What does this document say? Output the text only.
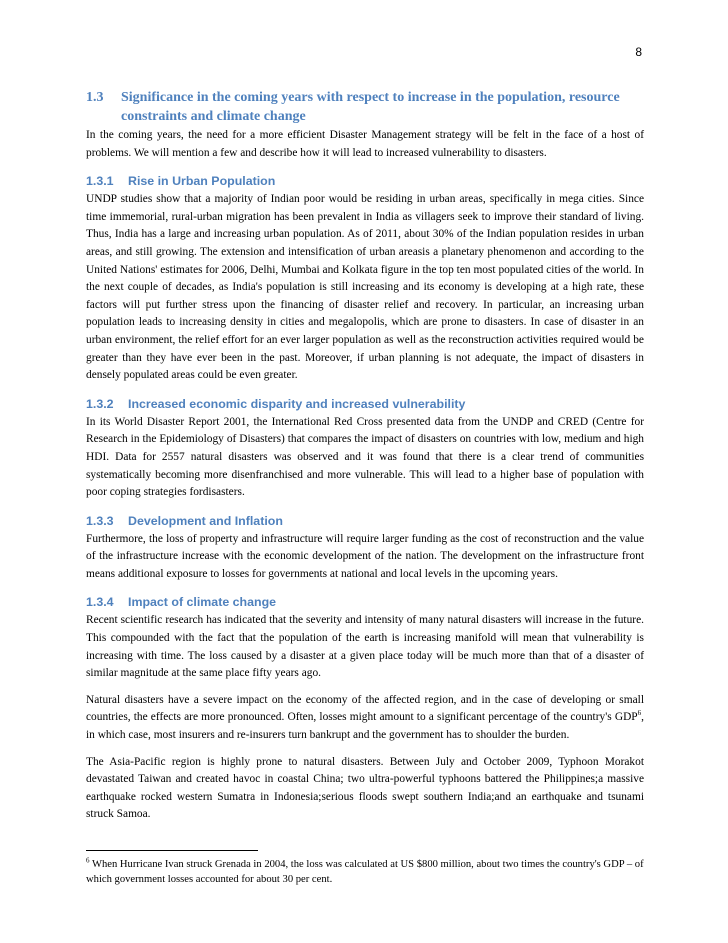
8
1.3	Significance in the coming years with respect to increase in the population, resource constraints and climate change

In the coming years, the need for a more efficient Disaster Management strategy will be felt in the face of a host of problems. We will mention a few and describe how it will lead to increased vulnerability to disasters.

1.3.1 Rise in Urban Population

UNDP studies show that a majority of Indian poor would be residing in urban areas, specifically in mega cities. Since time immemorial, rural-urban migration has been prevalent in India as villagers seek to improve their standard of living. Thus, India has a large and increasing urban population. As of 2011, about 30% of the Indian population resides in urban areas, and still growing. The extension and intensification of urban areasis a planetary phenomenon and according to the United Nations' estimates for 2006, Delhi, Mumbai and Kolkata figure in the top ten most populated cities of the world. In the next couple of decades, as India's population is still increasing and its economy is developing at a high rate, these factors will put further stress upon the financing of disaster relief and recovery. In particular, an increasing urban population leads to increasing density in cities and megalopolis, which are prone to disasters. In case of disaster in an urban environment, the relief effort for an ever larger population as well as the reconstruction activities required would be greater than they have ever been in the past. Moreover, if urban planning is not adequate, the impact of disasters in densely populated areas could be even greater.

1.3.2 Increased economic disparity and increased vulnerability

In its World Disaster Report 2001, the International Red Cross presented data from the UNDP and CRED (Centre for Research in the Epidemiology of Disasters) that compares the impact of disasters on countries with low, medium and high HDI. Data for 2557 natural disasters was observed and it was found that there is a clear trend of communities systematically becoming more disenfranchised and more vulnerable. This will lead to a higher base of population with poor coping strategies fordisasters.

1.3.3 Development and Inflation

Furthermore, the loss of property and infrastructure will require larger funding as the cost of reconstruction and the value of the infrastructure increase with the economic development of the nation. The development on the infrastructure front means additional exposure to losses for governments at national and local levels in the upcoming years.

1.3.4 Impact of climate change

Recent scientific research has indicated that the severity and intensity of many natural disasters will increase in the future. This compounded with the fact that the population of the earth is increasing manifold will mean that vulnerability is increasing with time. The loss caused by a disaster at a given place today will be much more than that of a disaster of similar magnitude at the same place fifty years ago.

Natural disasters have a severe impact on the economy of the affected region, and in the case of developing or small countries, the effects are more pronounced. Often, losses might amount to a significant percentage of the country's GDP$^6$, in which case, most insurers and re-insurers turn bankrupt and the government has to shoulder the burden.

The Asia-Pacific region is highly prone to natural disasters. Between July and October 2009, Typhoon Morakot devastated Taiwan and created havoc in coastal China; two ultra-powerful typhoons battered the Philippines;a massive earthquake rocked western Sumatra in Indonesia;serious floods swept southern India;and an earthquake and tsunami struck Samoa.

$^6$ When Hurricane Ivan struck Grenada in 2004, the loss was calculated at US $800 million, about two times the country's GDP – of which government losses accounted for about 30 per cent.
